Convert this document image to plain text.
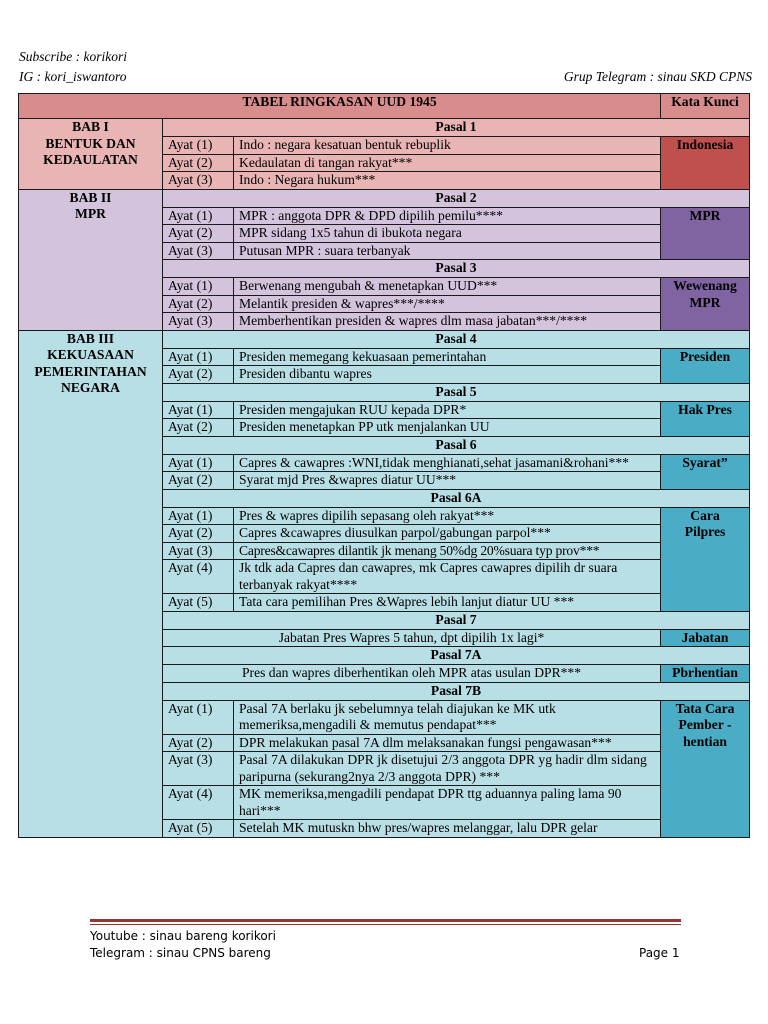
Subscribe : korikori
IG : kori_iswantoro	Grup Telegram : sinau SKD CPNS
TABEL RINGKASAN UUD 1945			Kata Kunci

BAB I
BENTUK DAN
KEDAULATAN	Pasal 1		
	Ayat (1)	Indo : negara kesatuan bentuk rebuplik	Indonesia
	Ayat (2)	Kedaulatan di tangan rakyat***	
	Ayat (3)	Indo : Negara hukum***	

BAB II
MPR	Pasal 2		
	Ayat (1)	MPR : anggota DPR & DPD dipilih pemilu****	MPR
	Ayat (2)	MPR sidang 1x5 tahun di ibukota negara	
	Ayat (3)	Putusan MPR : suara terbanyak	
	Pasal 3		
	Ayat (1)	Berwenang mengubah & menetapkan UUD***	Wewenang
MPR

	Ayat (2)	Melantik presiden & wapres***/****	
	Ayat (3)	Memberhentikan presiden & wapres dlm masa jabatan***/****	

BAB III
KEKUASAAN
PEMERINTAHAN
NEGARA	Pasal 4		
	Ayat (1)	Presiden memegang kekuasaan pemerintahan	Presiden
	Ayat (2)	Presiden dibantu wapres	
	Pasal 5		
	Ayat (1)	Presiden mengajukan RUU kepada DPR*	Hak Pres
	Ayat (2)	Presiden menetapkan PP utk menjalankan UU	
	Pasal 6		
	Ayat (1)	Capres & cawapres :WNI,tidak menghianati,sehat jasamani&rohani***	Syarat”
	Ayat (2)	Syarat mjd Pres &wapres diatur UU***	
	Pasal 6A		
	Ayat (1)	Pres & wapres dipilih sepasang oleh rakyat***	Cara
Pilpres

	Ayat (2)	Capres &cawapres diusulkan parpol/gabungan parpol***	
	Ayat (3)	Capres&cawapres dilantik jk menang 50%dg 20%suara typ prov***	
	Ayat (4)	Jk tdk ada Capres dan cawapres, mk Capres cawapres dipilih dr suara terbanyak rakyat****	
	Ayat (5)	Tata cara pemilihan Pres &Wapres lebih lanjut diatur UU ***	
	Pasal 7		
	Jabatan Pres Wapres 5 tahun, dpt dipilih 1x lagi*		Jabatan
	Pasal 7A		
	Pres dan wapres diberhentikan oleh MPR atas usulan DPR***		Pbrhentian
	Pasal 7B		
	Ayat (1)	Pasal 7A berlaku jk sebelumnya telah diajukan ke MK utk memeriksa,mengadili & memutus pendapat***	Tata Cara
Pember -
hentian

	Ayat (2)	DPR melakukan pasal 7A dlm melaksanakan fungsi pengawasan***	
	Ayat (3)	Pasal 7A dilakukan DPR jk disetujui 2/3 anggota DPR yg hadir dlm sidang paripurna (sekurang2nya 2/3 anggota DPR) ***	
	Ayat (4)	MK memeriksa,mengadili pendapat DPR ttg aduannya paling lama 90 hari***	
	Ayat (5)	Setelah MK mutuskn bhw pres/wapres melanggar, lalu DPR gelar	
Youtube : sinau bareng korikori
Telegram : sinau CPNS bareng	Page 1
